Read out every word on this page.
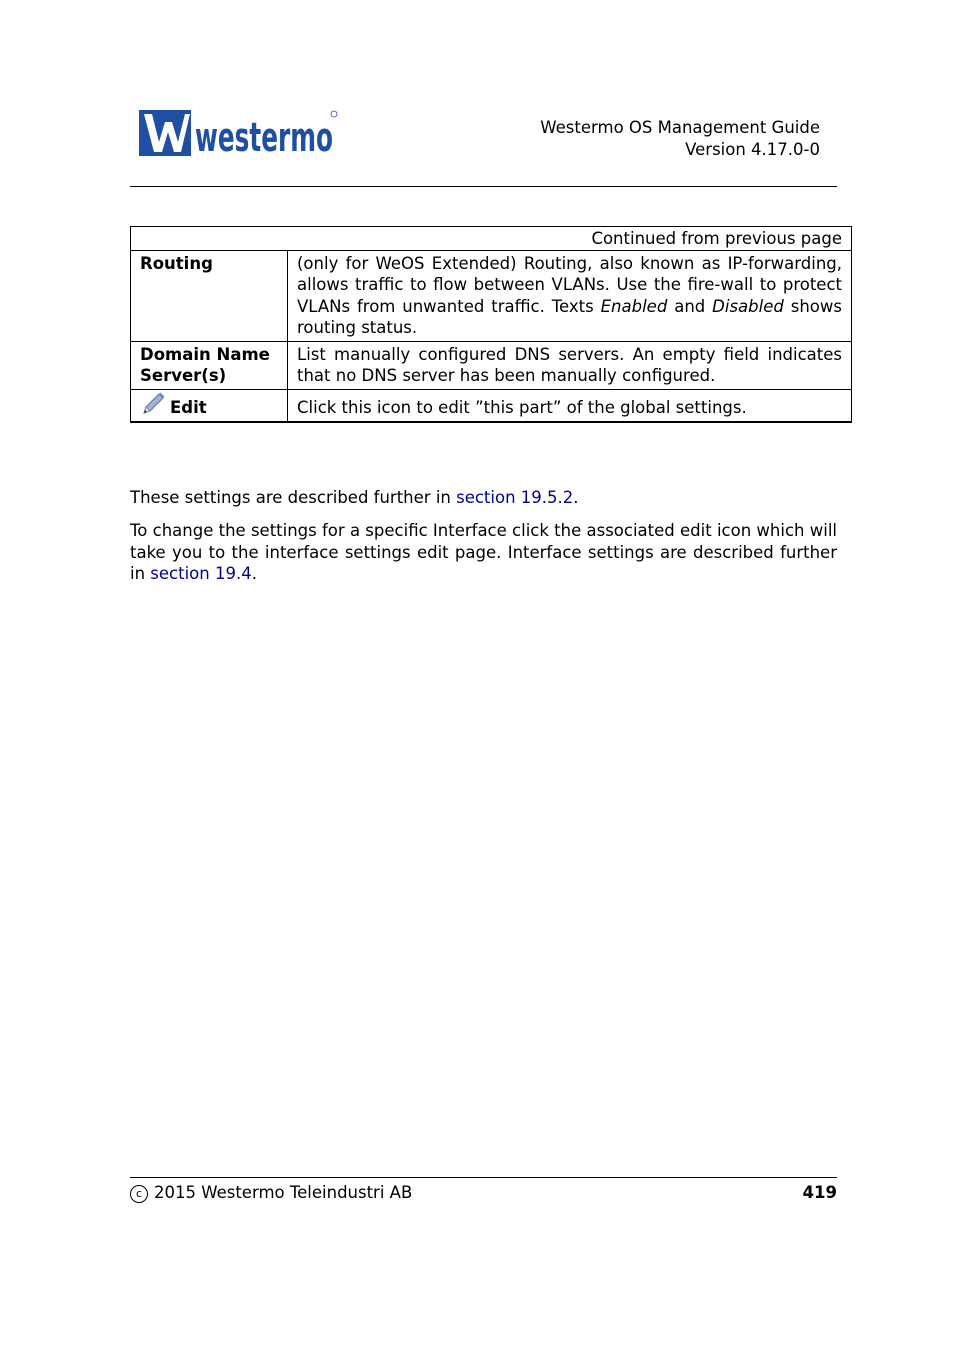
westermo	Westermo OS Management Guide
Version 4.17.0-0
Continued from previous page	
Routing	(only for WeOS Extended) Routing, also known as IP-forwarding, allows traffic to flow between VLANs. Use the fire-wall to protect VLANs from unwanted traffic. Texts Enabled and Disabled shows routing status.
Domain Name
Server(s)	List manually configured DNS servers. An empty field indicates that no DNS server has been manually configured.
Edit	Click this icon to edit ”this part” of the global settings.

These settings are described further in section 19.5.2.

To change the settings for a specific Interface click the associated edit icon which will take you to the interface settings edit page. Interface settings are described further in section 19.4.

c 2015 Westermo Teleindustri AB	419
